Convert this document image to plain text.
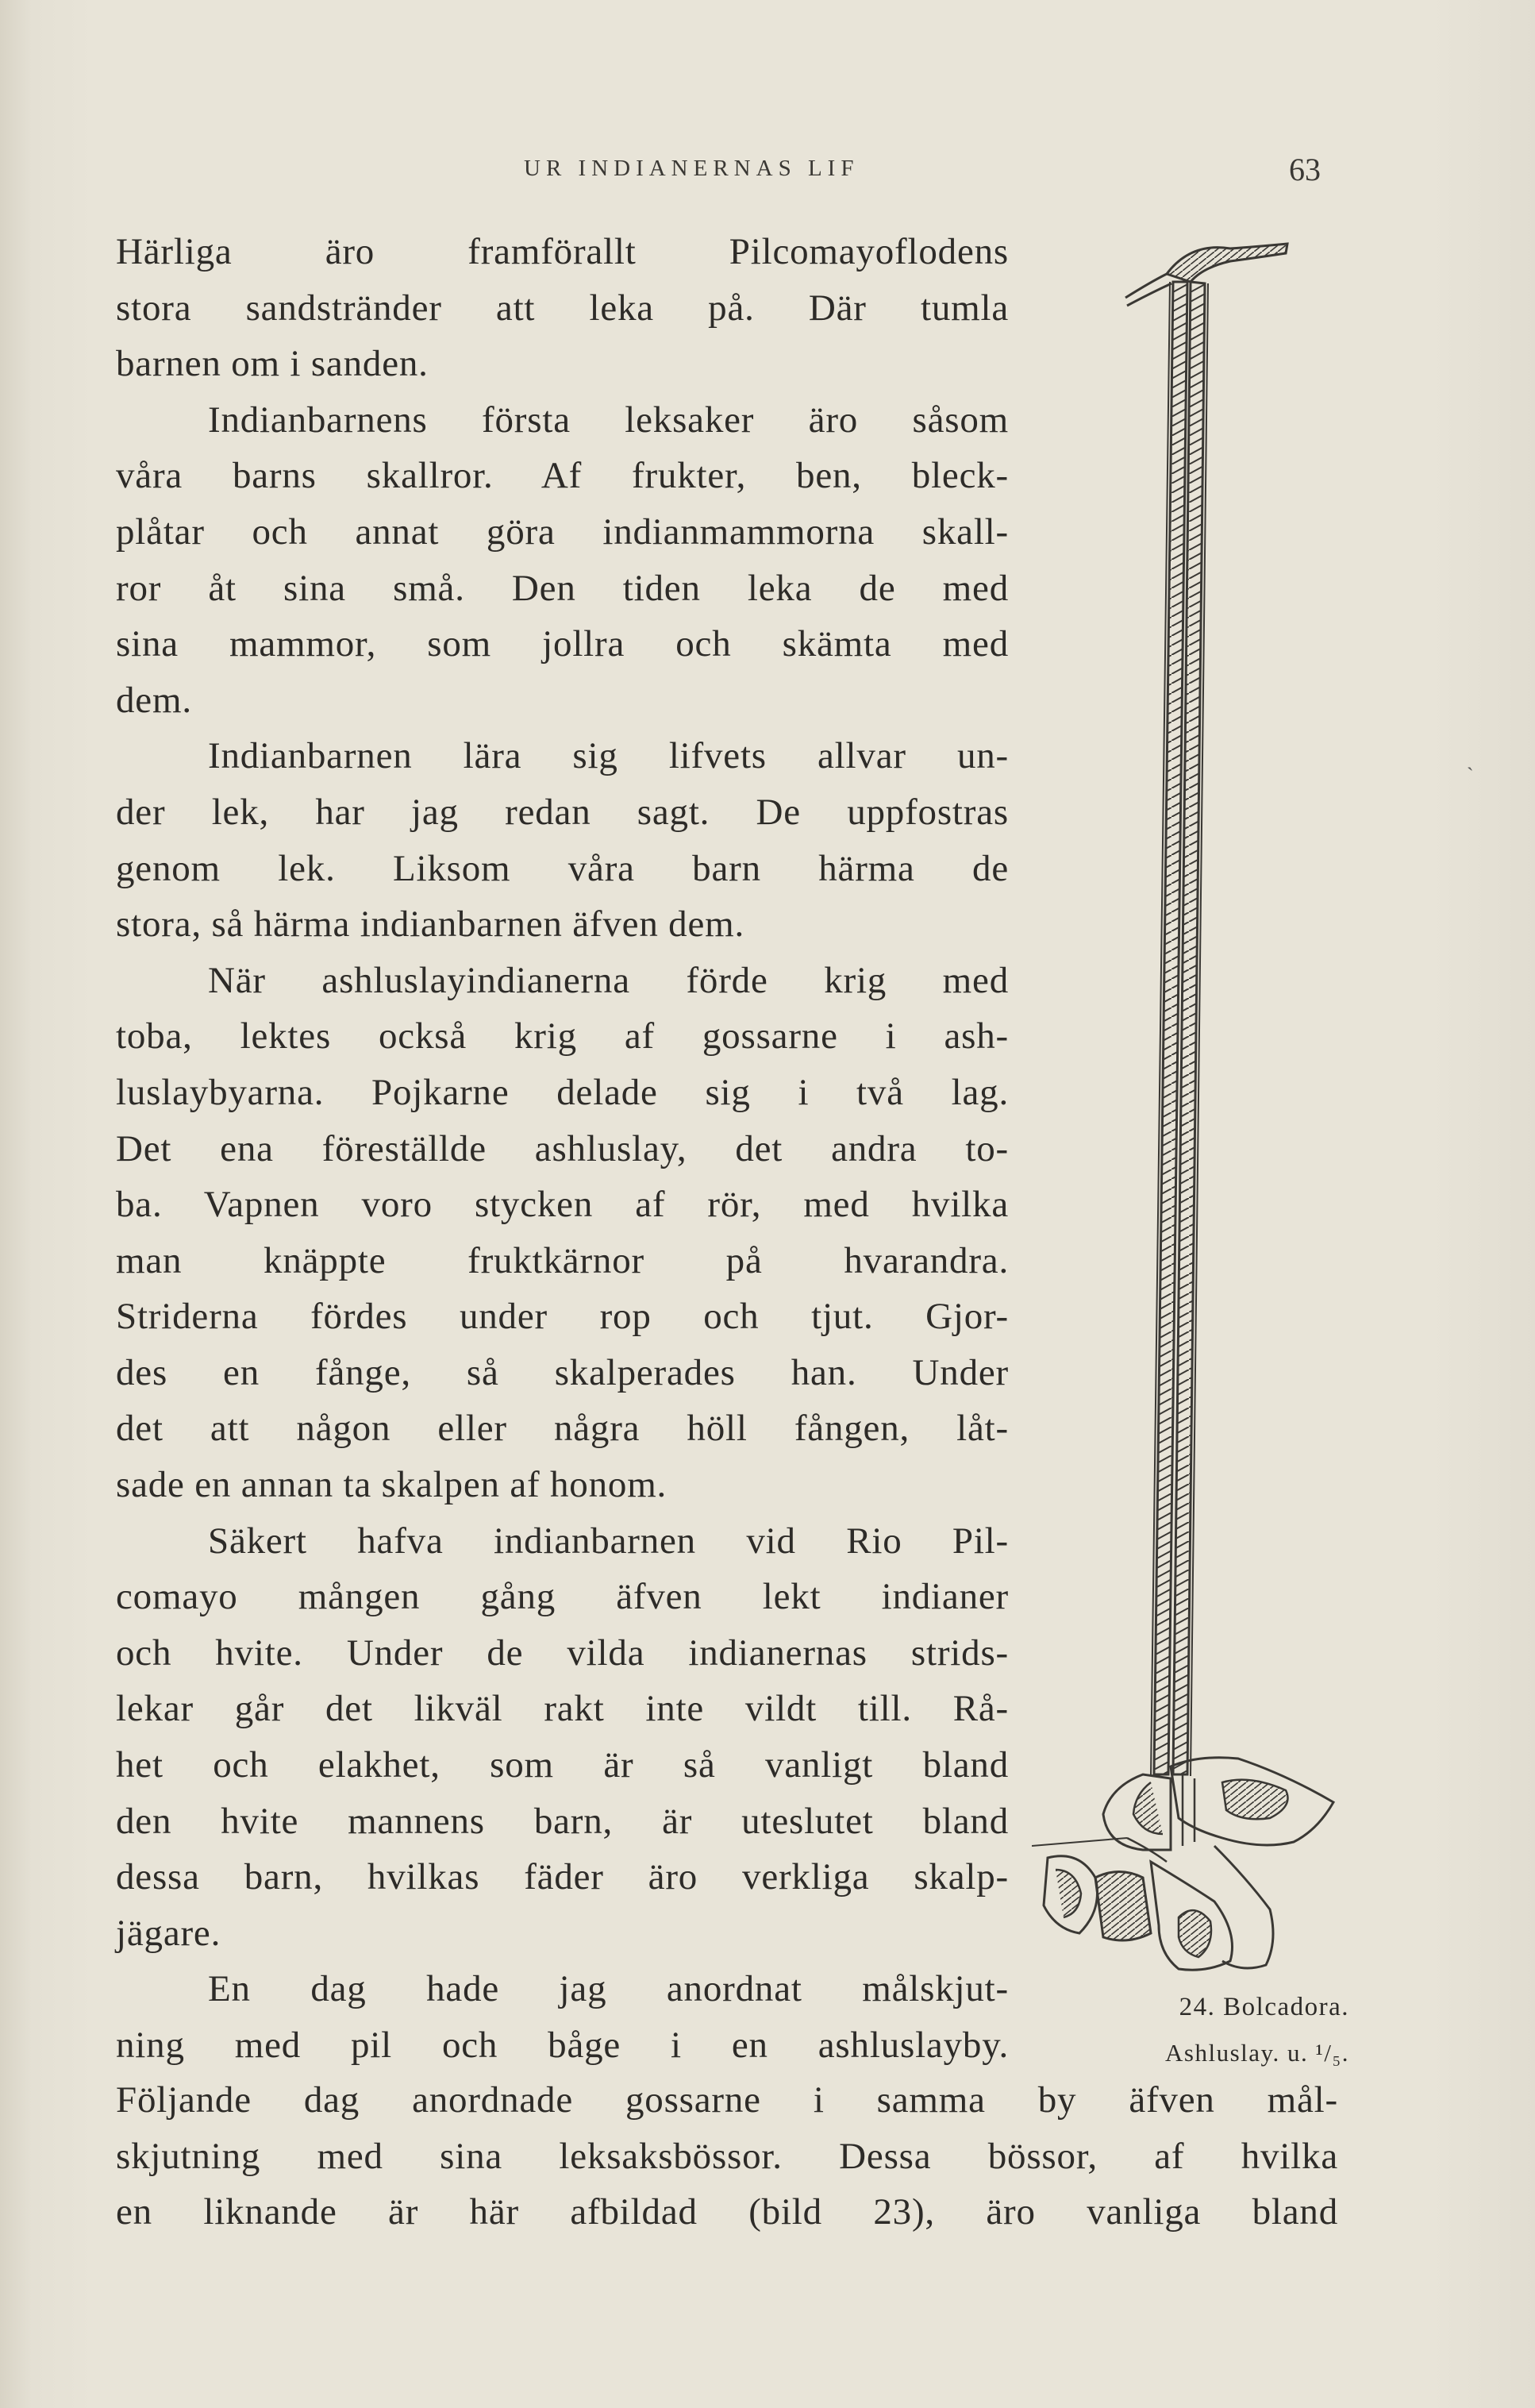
UR INDIANERNAS LIF	63
Härliga äro framförallt Pilcomayoflodens
stora sandstränder att leka på. Där tumla
barnen om i sanden.
Indianbarnens första leksaker äro såsom
våra barns skallror. Af frukter, ben, bleck-
plåtar och annat göra indianmammorna skall-
ror åt sina små. Den tiden leka de med
sina mammor, som jollra och skämta med
dem.
Indianbarnen lära sig lifvets allvar un-
der lek, har jag redan sagt. De uppfostras
genom lek. Liksom våra barn härma de
stora, så härma indianbarnen äfven dem.
När ashluslayindianerna förde krig med
toba, lektes också krig af gossarne i ash-
luslaybyarna. Pojkarne delade sig i två lag.
Det ena föreställde ashluslay, det andra to-
ba. Vapnen voro stycken af rör, med hvilka
man knäppte fruktkärnor på hvarandra.
Striderna fördes under rop och tjut. Gjor-
des en fånge, så skalperades han. Under
det att någon eller några höll fången, låt-
sade en annan ta skalpen af honom.
Säkert hafva indianbarnen vid Rio Pil-
comayo mången gång äfven lekt indianer
och hvite. Under de vilda indianernas strids-
lekar går det likväl rakt inte vildt till. Rå-
het och elakhet, som är så vanligt bland
den hvite mannens barn, är uteslutet bland
dessa barn, hvilkas fäder äro verkliga skalp-
jägare.
En dag hade jag anordnat målskjut-
ning med pil och båge i en ashluslayby.
Följande dag anordnade gossarne i samma by äfven mål-
skjutning med sina leksaksbössor. Dessa bössor, af hvilka
en liknande är här afbildad (bild 23), äro vanliga bland
24. Bolcadora.
Ashluslay. u. ¹/₅.
˴
